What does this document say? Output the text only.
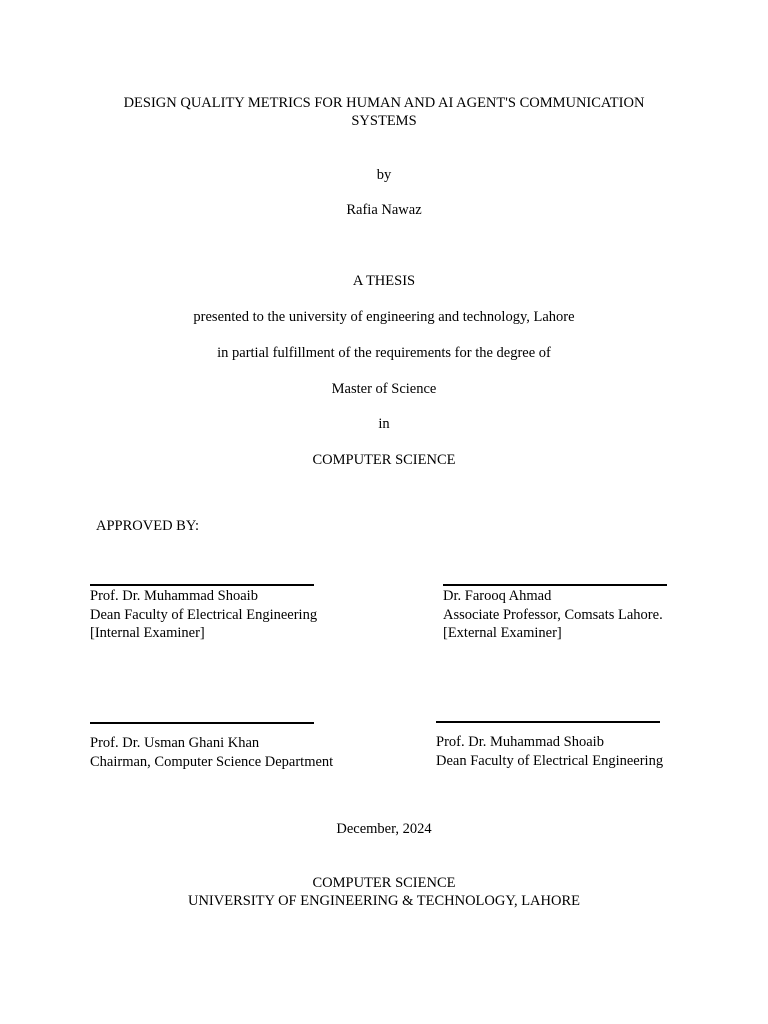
DESIGN QUALITY METRICS FOR HUMAN AND AI AGENT'S COMMUNICATION
SYSTEMS
by
Rafia Nawaz
A THESIS
presented to the university of engineering and technology, Lahore
in partial fulfillment of the requirements for the degree of
Master of Science
in
COMPUTER SCIENCE
APPROVED BY:
Prof. Dr. Muhammad Shoaib
Dean Faculty of Electrical Engineering
[Internal Examiner]
Dr. Farooq Ahmad
Associate Professor, Comsats Lahore.
[External Examiner]
Prof. Dr. Usman Ghani Khan
Chairman, Computer Science Department
Prof. Dr. Muhammad Shoaib
Dean Faculty of Electrical Engineering
December, 2024
COMPUTER SCIENCE
UNIVERSITY OF ENGINEERING & TECHNOLOGY, LAHORE
